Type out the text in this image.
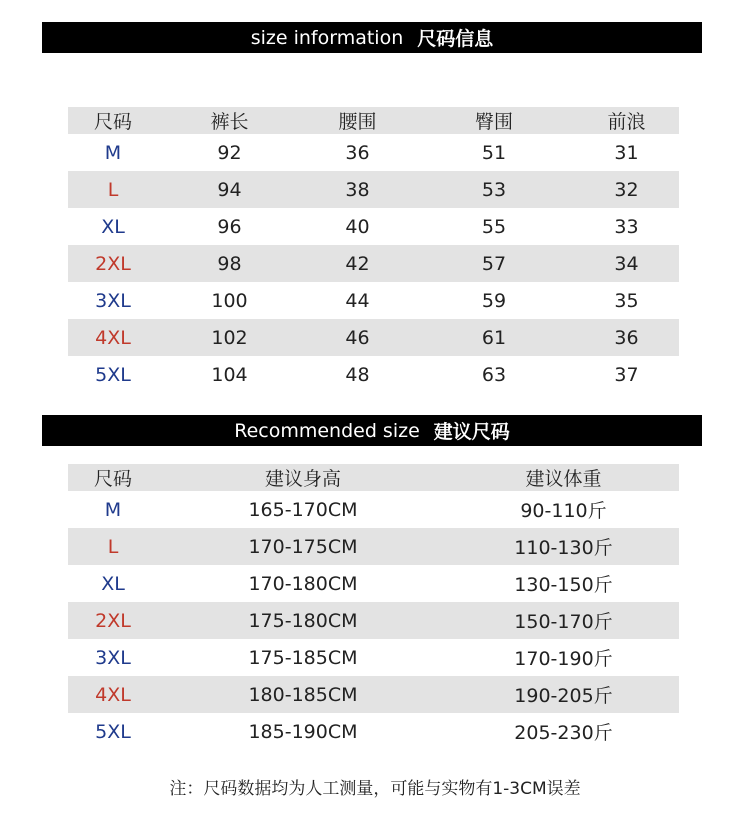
size information 尺码信息
尺码	裤长	腰围	臀围	前浪
M	92	36	51	31
L	94	38	53	32
XL	96	40	55	33
2XL	98	42	57	34
3XL	100	44	59	35
4XL	102	46	61	36
5XL	104	48	63	37
Recommended size 建议尺码
尺码	建议身高	建议体重
M	165-170CM	90-110斤
L	170-175CM	110-130斤
XL	170-180CM	130-150斤
2XL	175-180CM	150-170斤
3XL	175-185CM	170-190斤
4XL	180-185CM	190-205斤
5XL	185-190CM	205-230斤
注：尺码数据均为人工测量，可能与实物有1-3CM误差
